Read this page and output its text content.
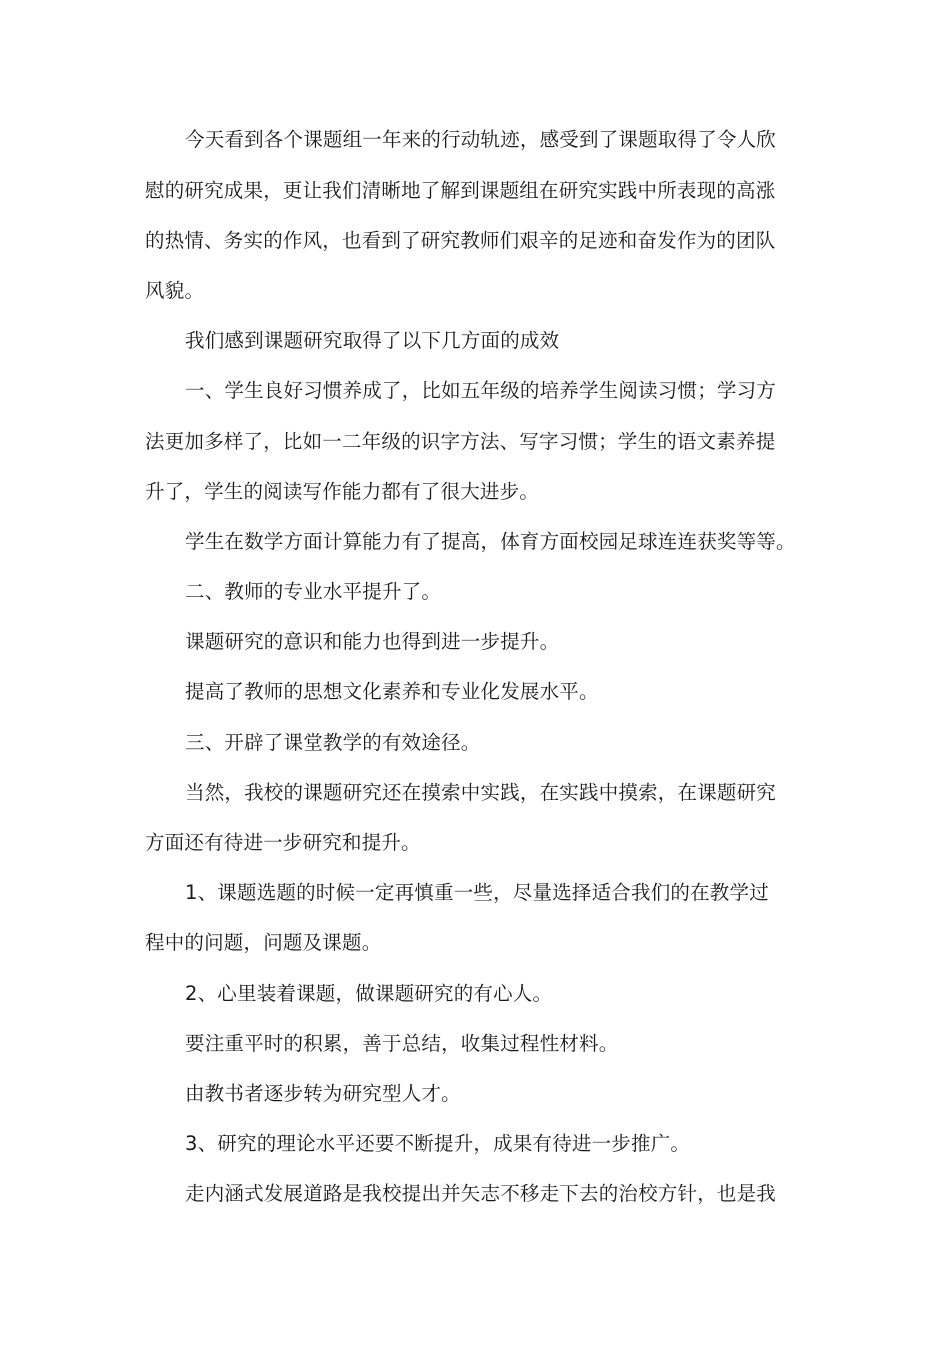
今天看到各个课题组一年来的行动轨迹，感受到了课题取得了令人欣
慰的研究成果，更让我们清晰地了解到课题组在研究实践中所表现的高涨
的热情、务实的作风，也看到了研究教师们艰辛的足迹和奋发作为的团队
风貌。
我们感到课题研究取得了以下几方面的成效
一、学生良好习惯养成了，比如五年级的培养学生阅读习惯；学习方
法更加多样了，比如一二年级的识字方法、写字习惯；学生的语文素养提
升了，学生的阅读写作能力都有了很大进步。
学生在数学方面计算能力有了提高，体育方面校园足球连连获奖等等。
二、教师的专业水平提升了。
课题研究的意识和能力也得到进一步提升。
提高了教师的思想文化素养和专业化发展水平。
三、开辟了课堂教学的有效途径。
当然，我校的课题研究还在摸索中实践，在实践中摸索，在课题研究
方面还有待进一步研究和提升。
1、课题选题的时候一定再慎重一些，尽量选择适合我们的在教学过
程中的问题，问题及课题。
2、心里装着课题，做课题研究的有心人。
要注重平时的积累，善于总结，收集过程性材料。
由教书者逐步转为研究型人才。
3、研究的理论水平还要不断提升，成果有待进一步推广。
走内涵式发展道路是我校提出并矢志不移走下去的治校方针，也是我
